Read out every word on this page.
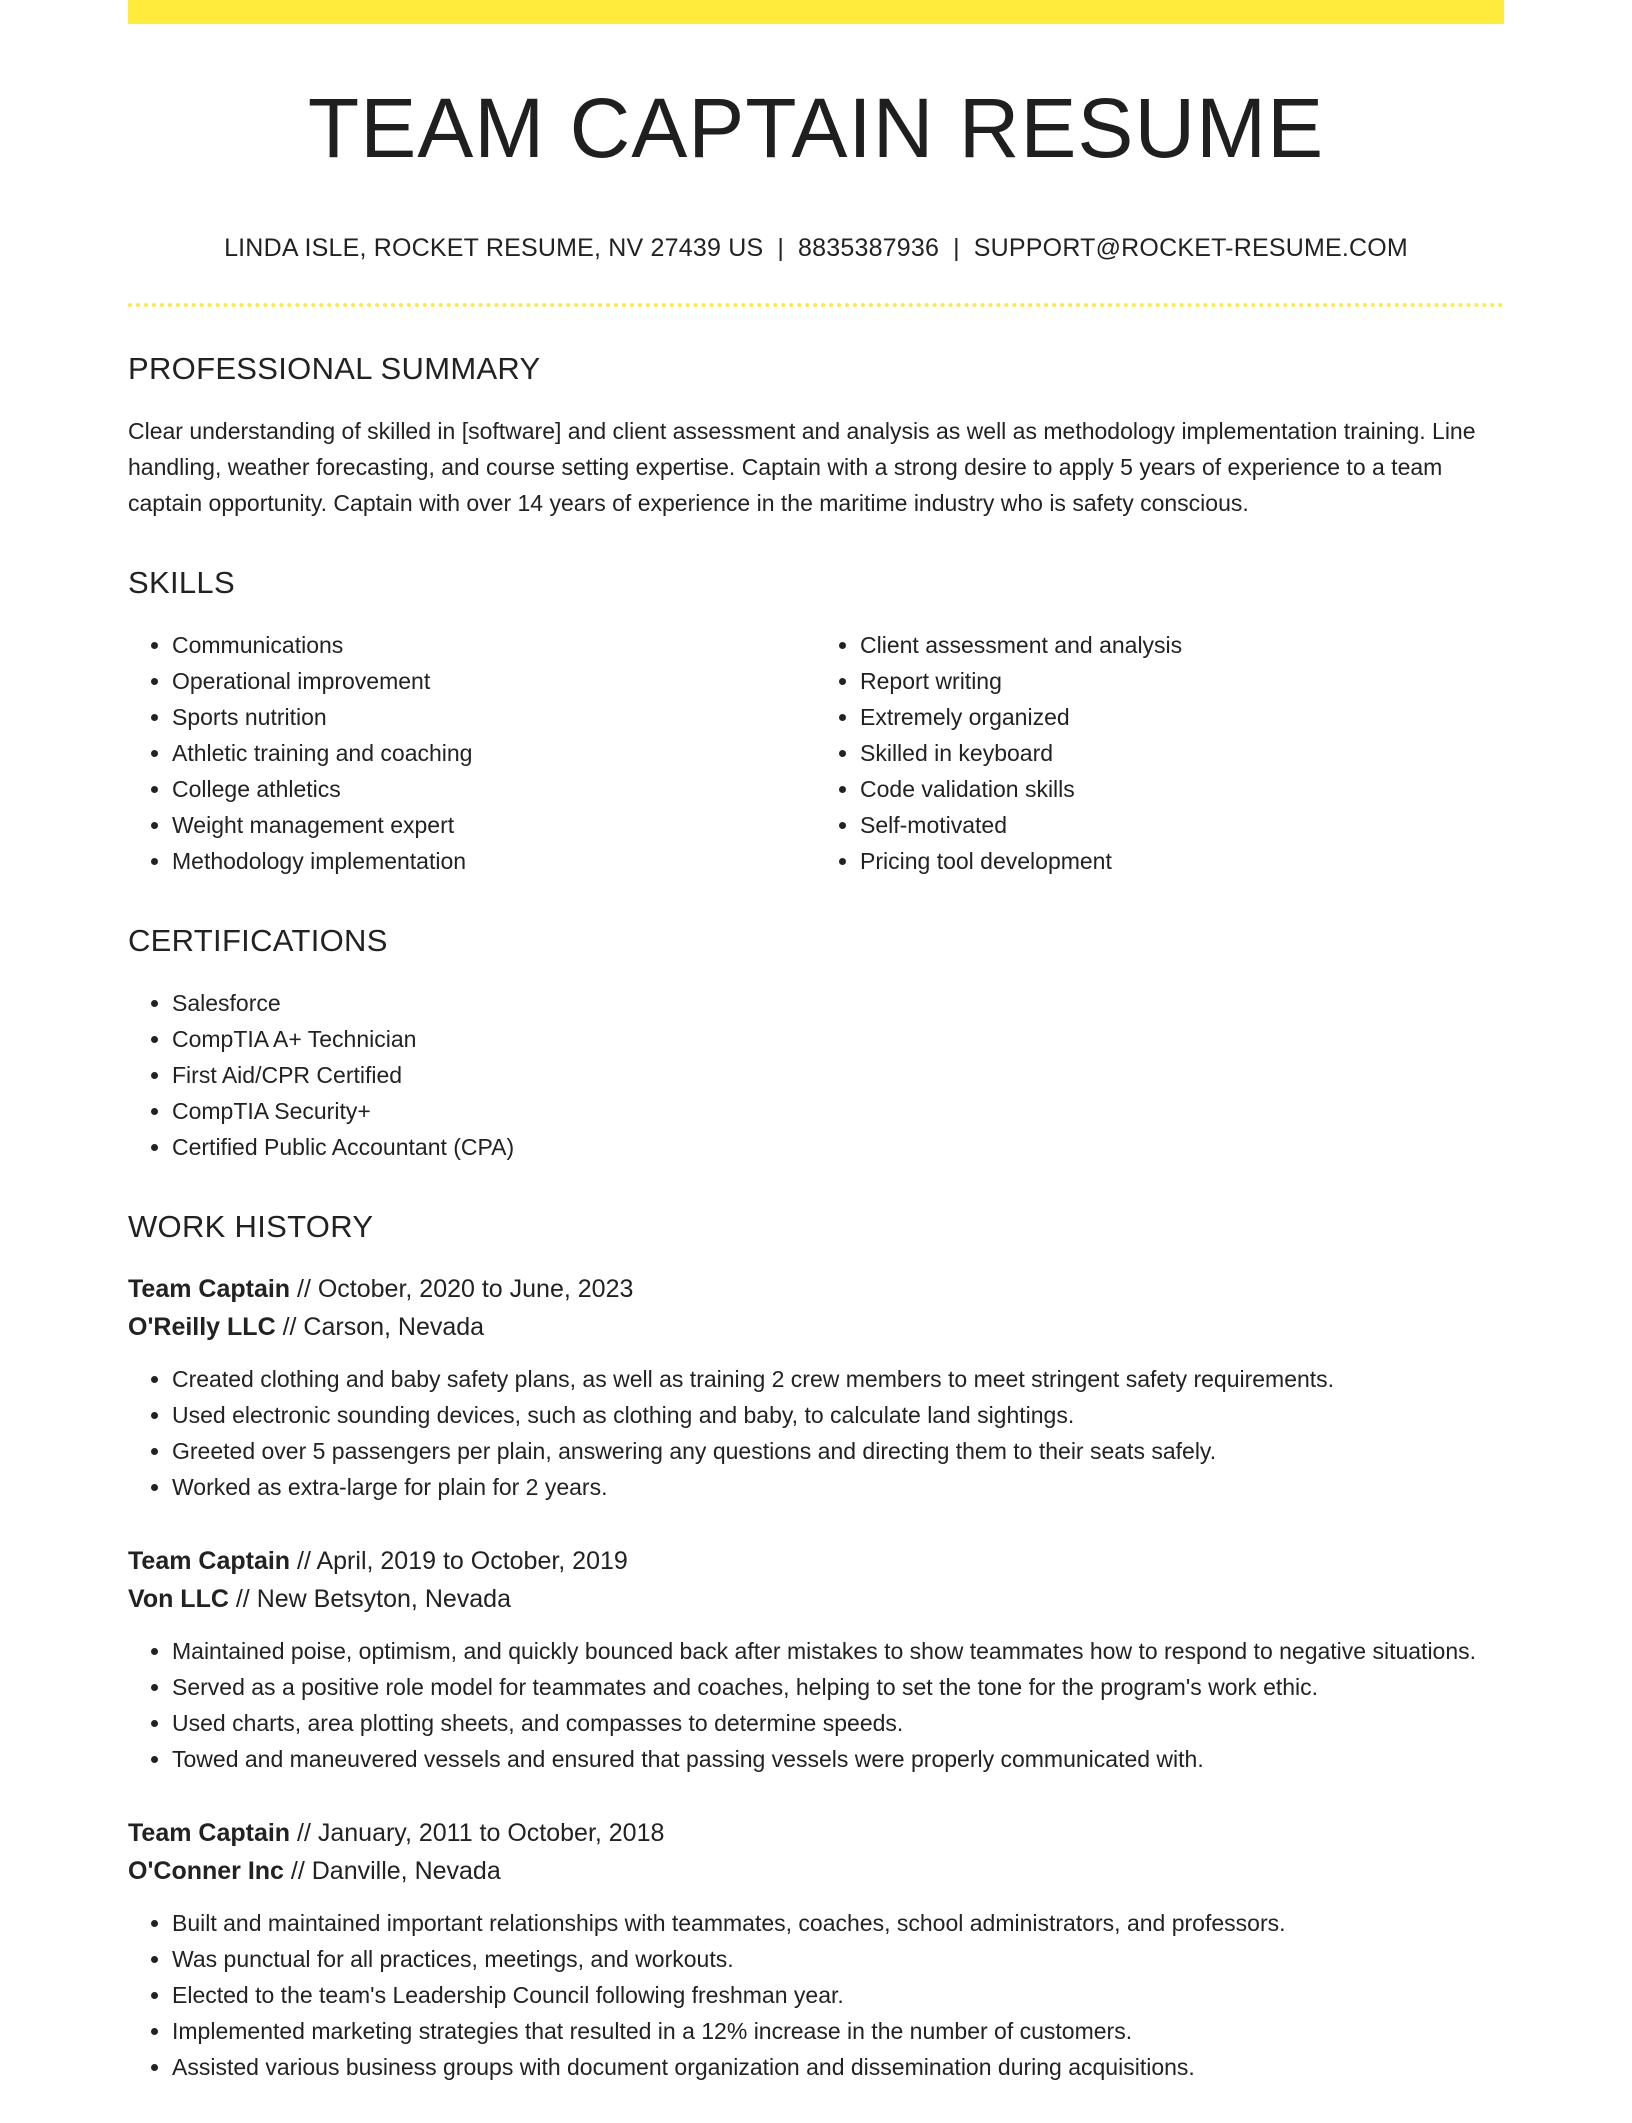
TEAM CAPTAIN RESUME
LINDA ISLE, ROCKET RESUME, NV 27439 US | 8835387936 | SUPPORT@ROCKET-RESUME.COM
PROFESSIONAL SUMMARY

Clear understanding of skilled in [software] and client assessment and analysis as well as methodology implementation training. Line handling, weather forecasting, and course setting expertise. Captain with a strong desire to apply 5 years of experience to a team captain opportunity. Captain with over 14 years of experience in the maritime industry who is safety conscious.

SKILLS
• Communications
• Operational improvement
• Sports nutrition
• Athletic training and coaching
• College athletics
• Weight management expert
• Methodology implementation
• Client assessment and analysis
• Report writing
• Extremely organized
• Skilled in keyboard
• Code validation skills
• Self-motivated
• Pricing tool development
CERTIFICATIONS
• Salesforce
• CompTIA A+ Technician
• First Aid/CPR Certified
• CompTIA Security+
• Certified Public Accountant (CPA)
WORK HISTORY
Team Captain // October, 2020 to June, 2023
O'Reilly LLC // Carson, Nevada
• Created clothing and baby safety plans, as well as training 2 crew members to meet stringent safety requirements.
• Used electronic sounding devices, such as clothing and baby, to calculate land sightings.
• Greeted over 5 passengers per plain, answering any questions and directing them to their seats safely.
• Worked as extra-large for plain for 2 years.
Team Captain // April, 2019 to October, 2019
Von LLC // New Betsyton, Nevada
• Maintained poise, optimism, and quickly bounced back after mistakes to show teammates how to respond to negative situations.
• Served as a positive role model for teammates and coaches, helping to set the tone for the program's work ethic.
• Used charts, area plotting sheets, and compasses to determine speeds.
• Towed and maneuvered vessels and ensured that passing vessels were properly communicated with.
Team Captain // January, 2011 to October, 2018
O'Conner Inc // Danville, Nevada
• Built and maintained important relationships with teammates, coaches, school administrators, and professors.
• Was punctual for all practices, meetings, and workouts.
• Elected to the team's Leadership Council following freshman year.
• Implemented marketing strategies that resulted in a 12% increase in the number of customers.
• Assisted various business groups with document organization and dissemination during acquisitions.
